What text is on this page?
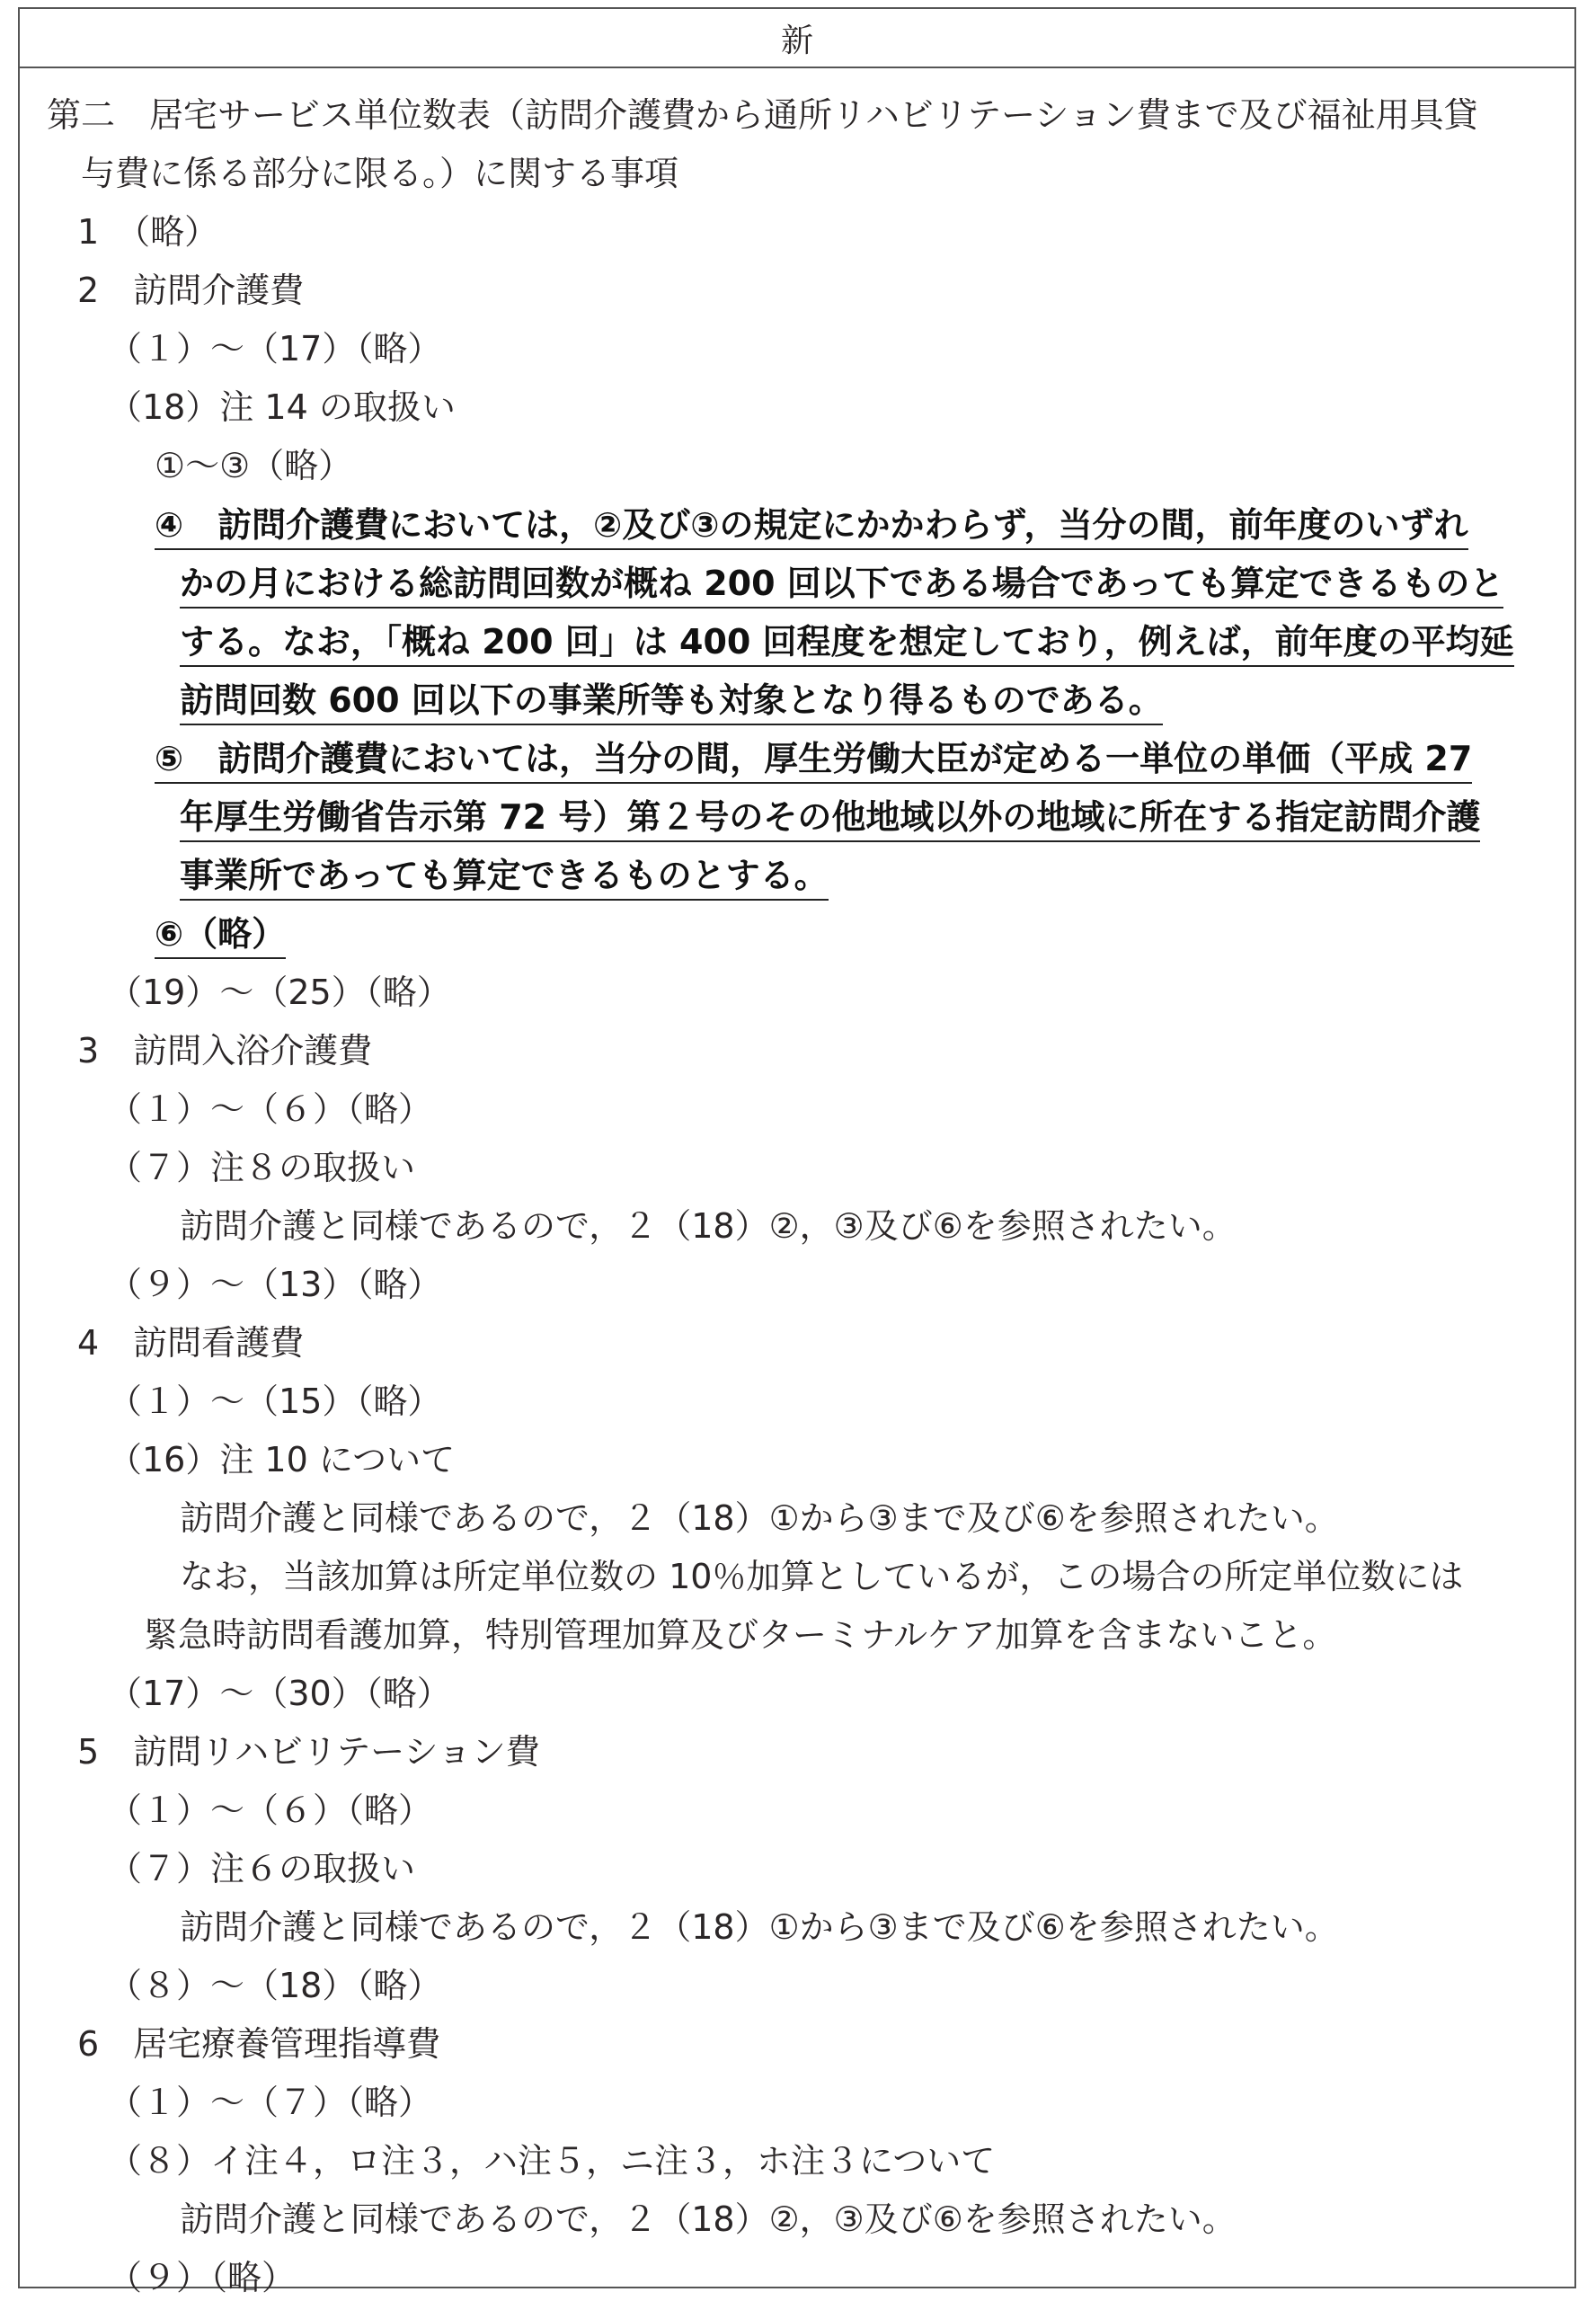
新
第二　居宅サービス単位数表（訪問介護費から通所リハビリテーション費まで及び福祉用具貸
与費に係る部分に限る。）に関する事項
1　（略）
2　訪問介護費
（１）～（17）（略）
（18）注 14 の取扱い
①～③（略）
④　訪問介護費においては，②及び③の規定にかかわらず，当分の間，前年度のいずれ
かの月における総訪問回数が概ね 200 回以下である場合であっても算定できるものと
する。なお，「概ね 200 回」は 400 回程度を想定しており，例えば，前年度の平均延
訪問回数 600 回以下の事業所等も対象となり得るものである。
⑤　訪問介護費においては，当分の間，厚生労働大臣が定める一単位の単価（平成 27
年厚生労働省告示第 72 号）第２号のその他地域以外の地域に所在する指定訪問介護
事業所であっても算定できるものとする。
⑥（略）
（19）～（25）（略）
3　訪問入浴介護費
（１）～（６）（略）
（７）注８の取扱い
訪問介護と同様であるので，２（18）②，③及び⑥を参照されたい。
（９）～（13）（略）
4　訪問看護費
（１）～（15）（略）
（16）注 10 について
訪問介護と同様であるので，２（18）①から③まで及び⑥を参照されたい。
なお，当該加算は所定単位数の 10％加算としているが，この場合の所定単位数には
緊急時訪問看護加算，特別管理加算及びターミナルケア加算を含まないこと。
（17）～（30）（略）
5　訪問リハビリテーション費
（１）～（６）（略）
（７）注６の取扱い
訪問介護と同様であるので，２（18）①から③まで及び⑥を参照されたい。
（８）～（18）（略）
6　居宅療養管理指導費
（１）～（７）（略）
（８）イ注４，ロ注３，ハ注５，ニ注３，ホ注３について
訪問介護と同様であるので，２（18）②，③及び⑥を参照されたい。
（９）（略）
